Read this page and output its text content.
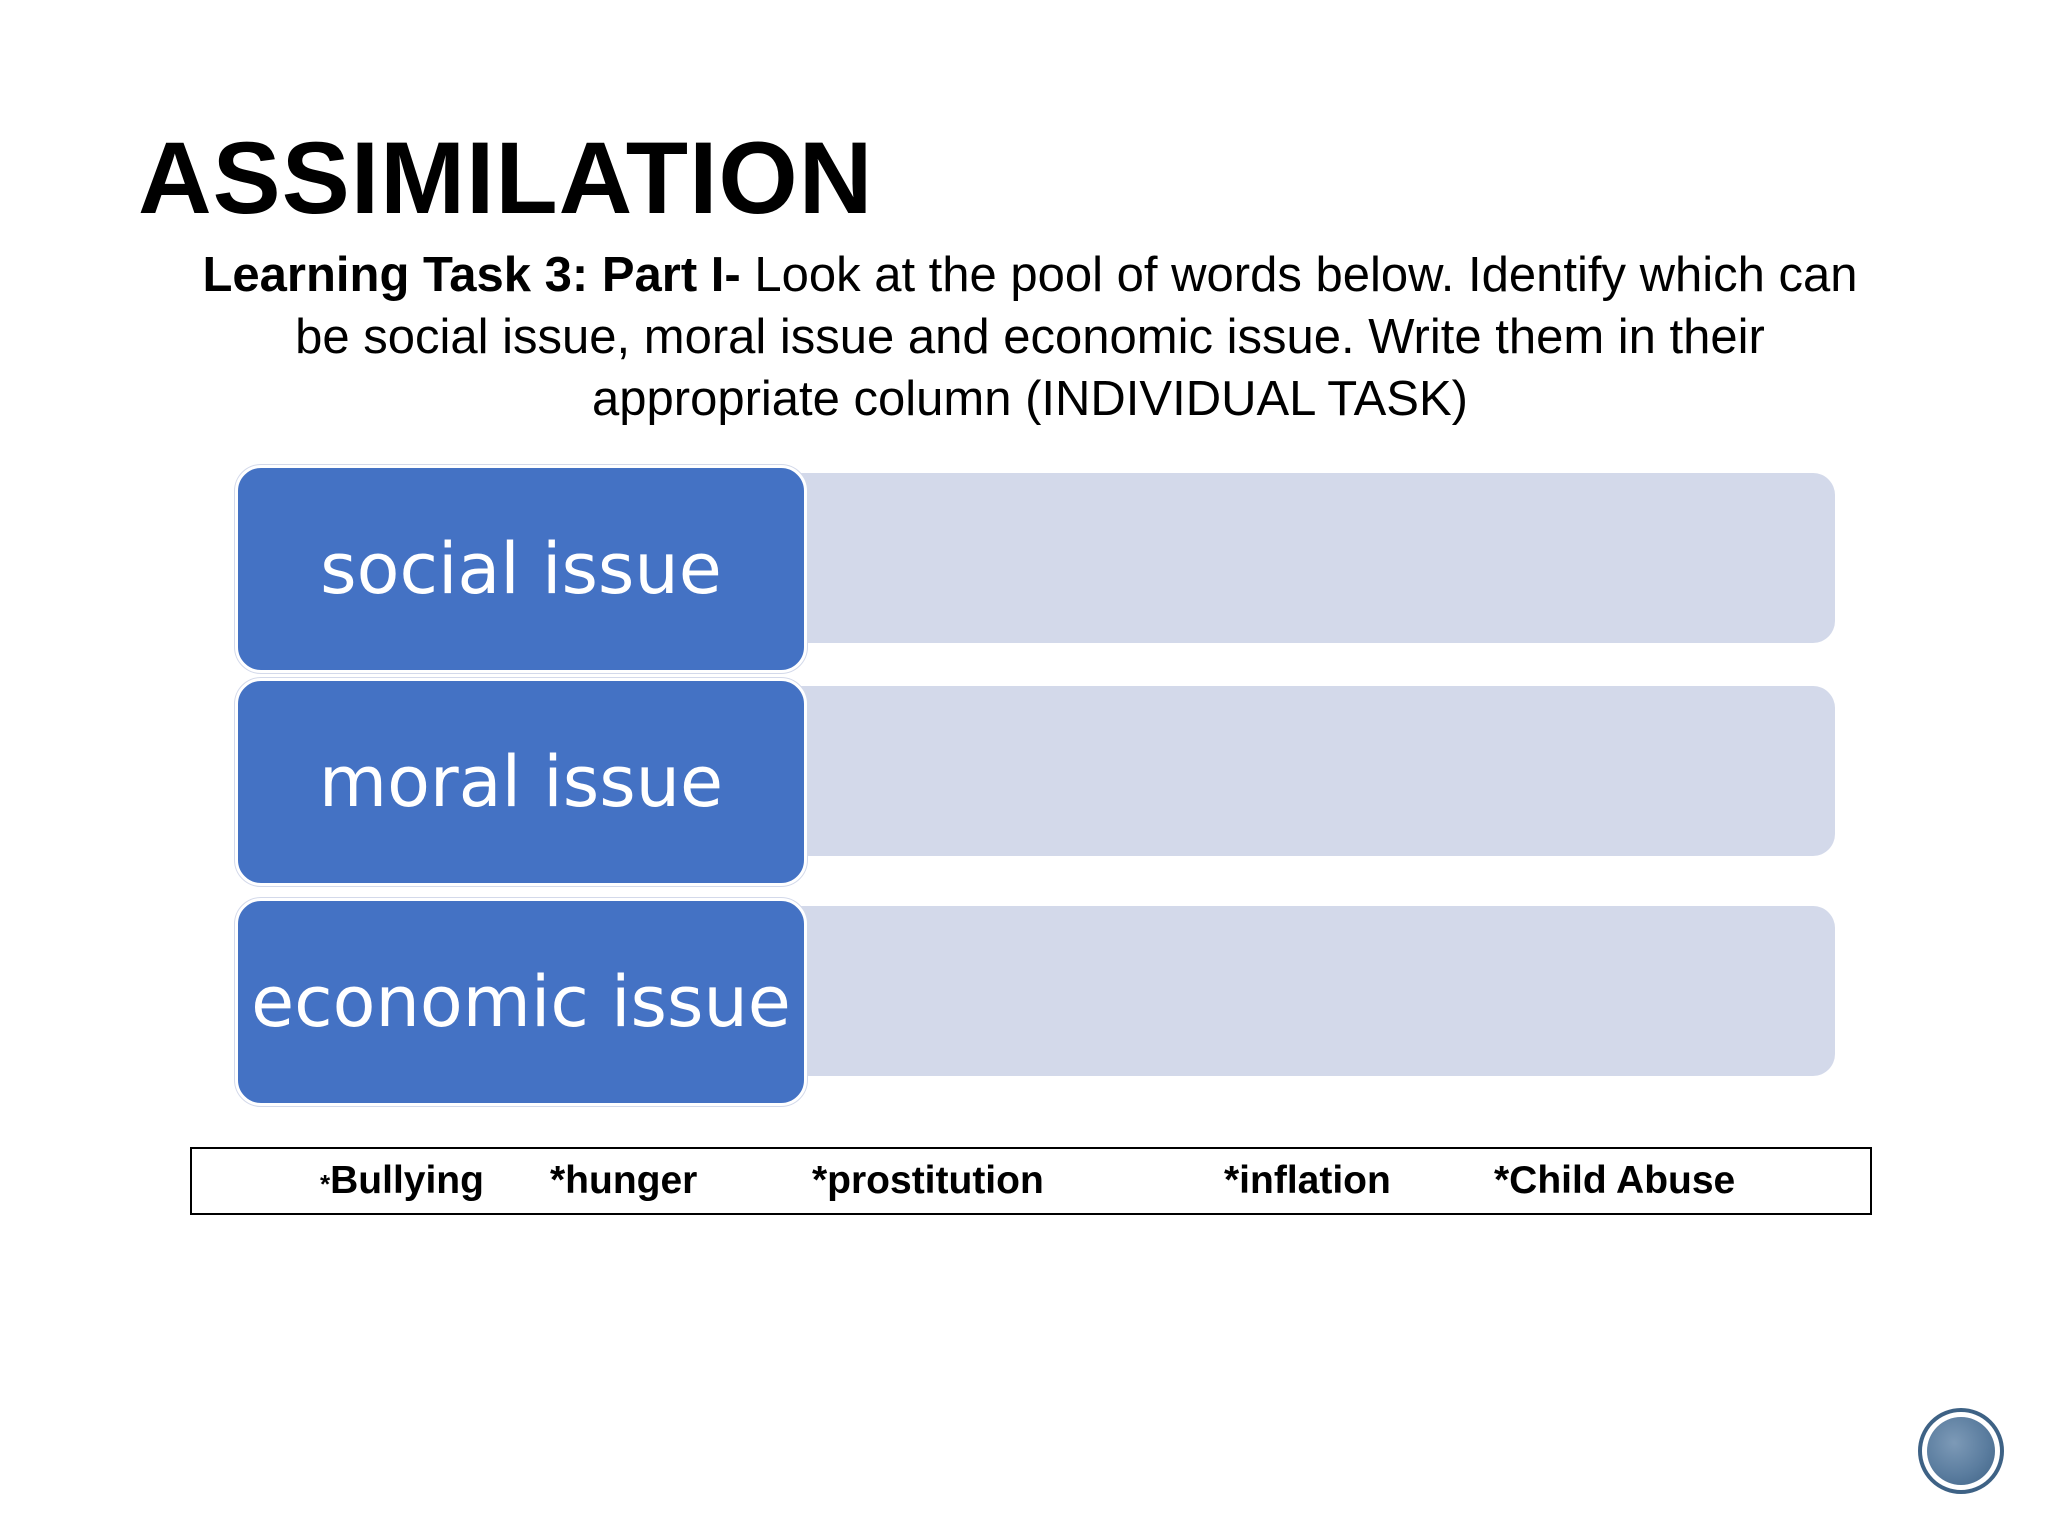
ASSIMILATION

Learning Task 3: Part I- Look at the pool of words below. Identify which can be social issue, moral issue and economic issue. Write them in their appropriate column (INDIVIDUAL TASK)

social issue
moral issue
economic issue
*Bullying *hunger	*prostitution	*inflation	*Child Abuse
